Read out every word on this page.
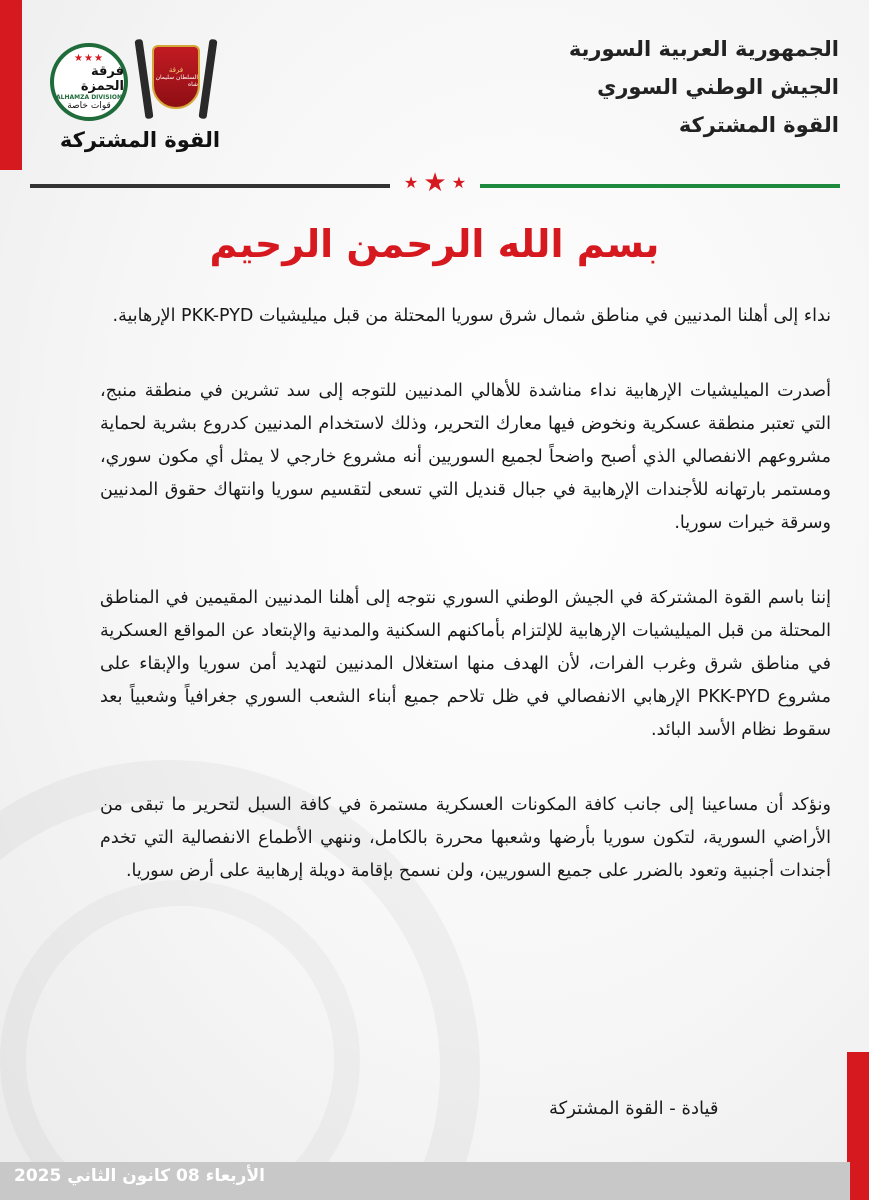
الجمهورية العربية السورية
الجيش الوطني السوري
القوة المشتركة
★★★
فرقة الحمزة
ALHAMZA DIVISION
قوات خاصة
فرقة
السلطان سليمان شاه
القوة المشتركة
★ ★ ★
بسم الله الرحمن الرحيم

نداء إلى أهلنا المدنيين في مناطق شمال شرق سوريا المحتلة من قبل ميليشيات PKK-PYD الإرهابية.

أصدرت الميليشيات الإرهابية نداء مناشدة للأهالي المدنيين للتوجه إلى سد تشرين في منطقة منبج، التي تعتبر منطقة عسكرية ونخوض فيها معارك التحرير، وذلك لاستخدام المدنيين كدروع بشرية لحماية مشروعهم الانفصالي الذي أصبح واضحاً لجميع السوريين أنه مشروع خارجي لا يمثل أي مكون سوري، ومستمر بارتهانه للأجندات الإرهابية في جبال قنديل التي تسعى لتقسيم سوريا وانتهاك حقوق المدنيين وسرقة خيرات سوريا.

إننا باسم القوة المشتركة في الجيش الوطني السوري نتوجه إلى أهلنا المدنيين المقيمين في المناطق المحتلة من قبل الميليشيات الإرهابية للإلتزام بأماكنهم السكنية والمدنية والإبتعاد عن المواقع العسكرية في مناطق شرق وغرب الفرات، لأن الهدف منها استغلال المدنيين لتهديد أمن سوريا والإبقاء على مشروع PKK-PYD الإرهابي الانفصالي في ظل تلاحم جميع أبناء الشعب السوري جغرافياً وشعبياً بعد سقوط نظام الأسد البائد.

ونؤكد أن مساعينا إلى جانب كافة المكونات العسكرية مستمرة في كافة السبل لتحرير ما تبقى من الأراضي السورية، لتكون سوريا بأرضها وشعبها محررة بالكامل، وننهي الأطماع الانفصالية التي تخدم أجندات أجنبية وتعود بالضرر على جميع السوريين، ولن نسمح بإقامة دويلة إرهابية على أرض سوريا.

قيادة - القوة المشتركة
الأربعاء 08 كانون الثاني 2025
